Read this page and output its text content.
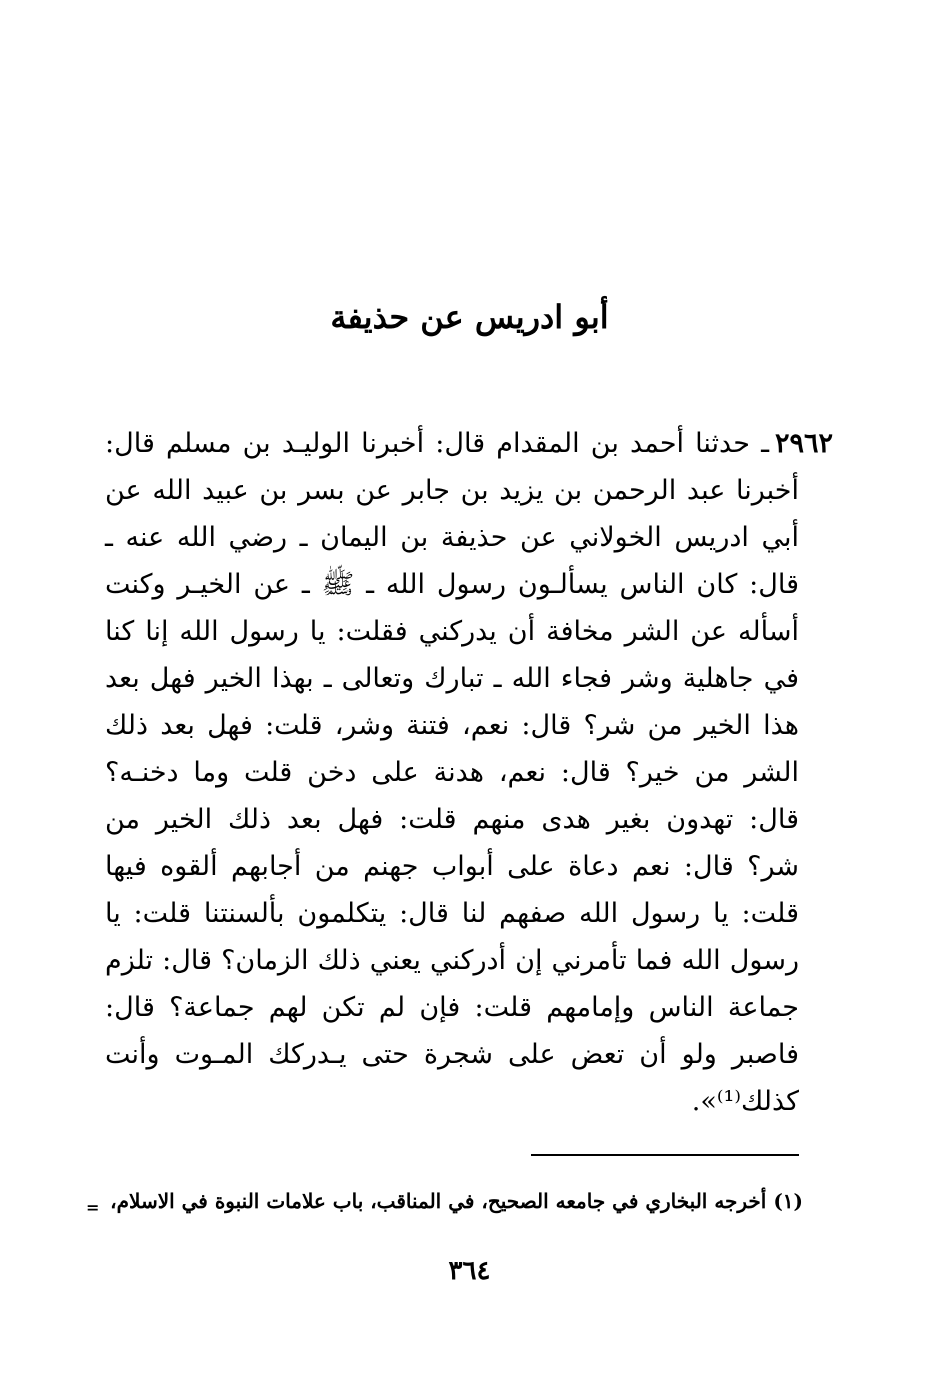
أبو ادريس عن حذيفة
٢٩٦٢ـ حدثنا أحمد بن المقدام قال: أخبرنا الوليـد بن مسلم قال:
أخبرنا عبد الرحمن بن يزيد بن جابر عن بسر بن عبيد الله عن
أبي ادريس الخولاني عن حذيفة بن اليمان ـ رضي الله عنه ـ
قال: كان الناس يسألـون رسول الله ـ ﷺ ـ عن الخيـر وكنت
أسأله عن الشر مخافة أن يدركني فقلت: يا رسول الله إنا كنا
في جاهلية وشر فجاء الله ـ تبارك وتعالى ـ بهذا الخير فهل بعد
هذا الخير من شر؟ قال: نعم، فتنة وشر، قلت: فهل بعد ذلك
الشر من خير؟ قال: نعم، هدنة على دخن قلت وما دخنـه؟
قال: تهدون بغير هدى منهم قلت: فهل بعد ذلك الخير من
شر؟ قال: نعم دعاة على أبواب جهنم من أجابهم ألقوه فيها
قلت: يا رسول الله صفهم لنا قال: يتكلمون بألسنتنا قلت: يا
رسول الله فما تأمرني إن أدركني يعني ذلك الزمان؟ قال: تلزم
جماعة الناس وإمامهم قلت: فإن لم تكن لهم جماعة؟ قال:
فاصبر ولو أن تعض على شجرة حتى يـدركك المـوت وأنت
كذلك⁽¹⁾».
(١) أخرجه البخاري في جامعه الصحيح، في المناقب، باب علامات النبوة في الاسلام،
=
٣٦٤
